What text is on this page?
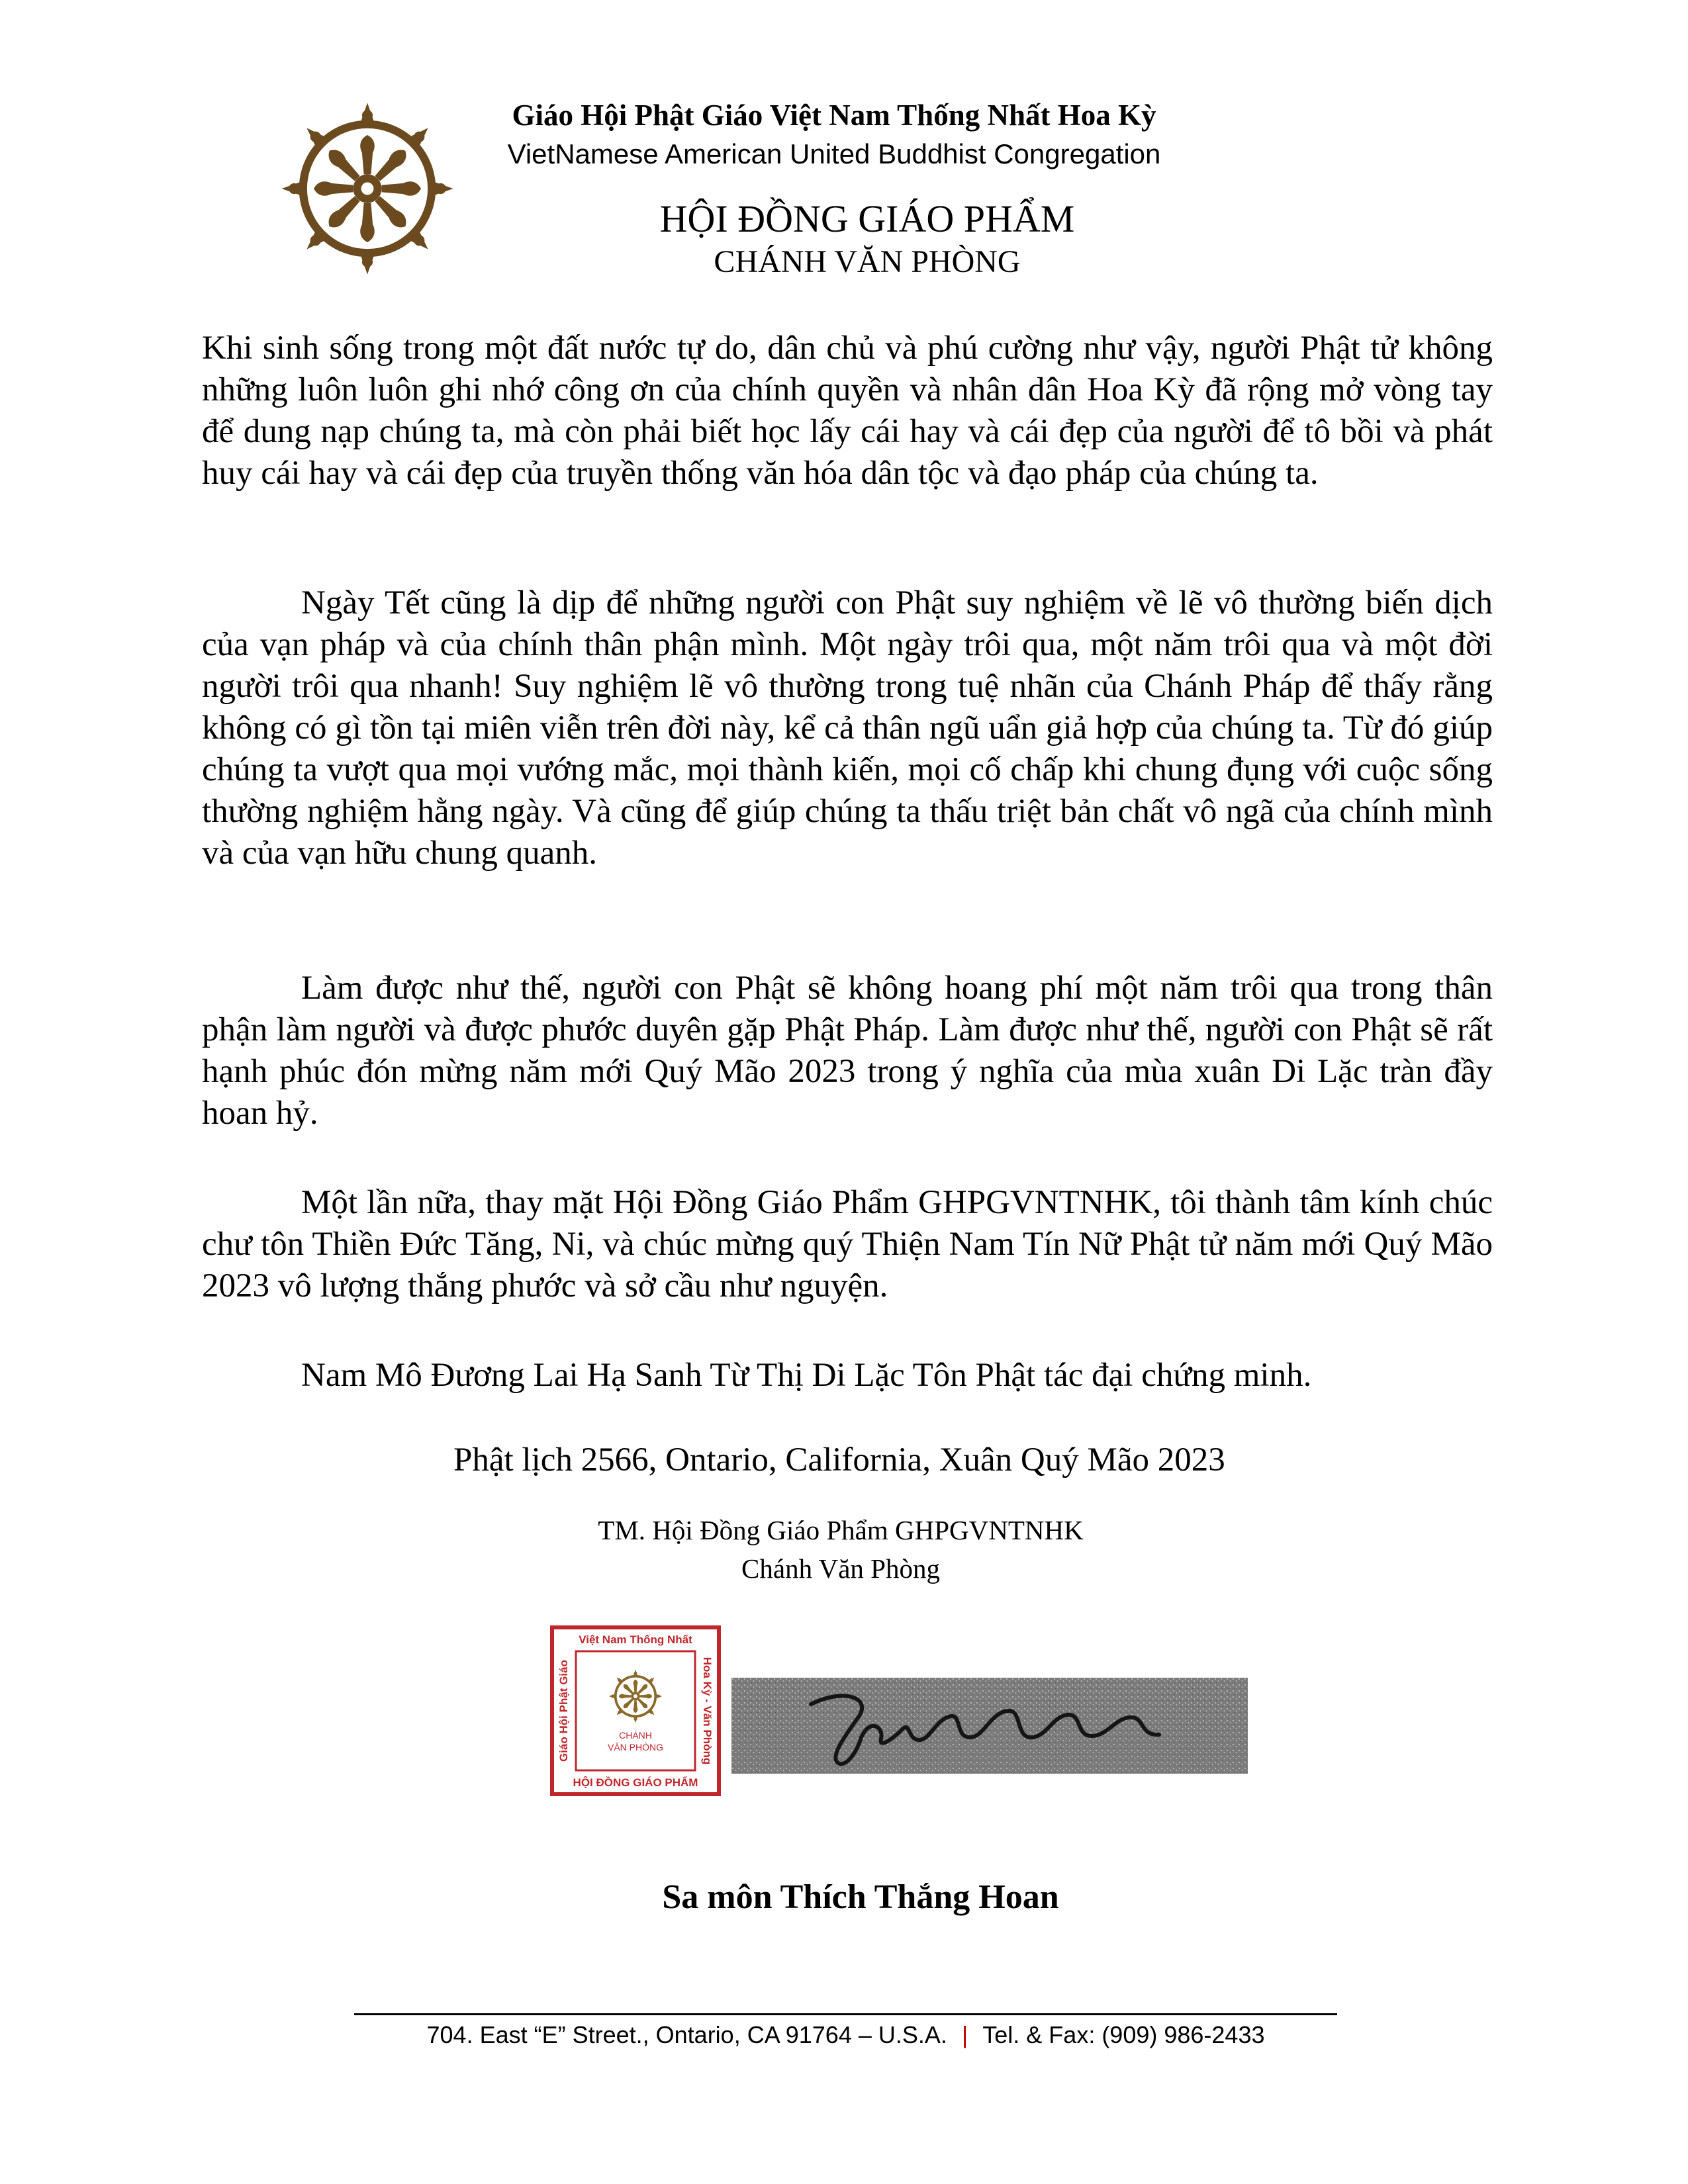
Giáo Hội Phật Giáo Việt Nam Thống Nhất Hoa Kỳ
VietNamese American United Buddhist Congregation
HỘI ĐỒNG GIÁO PHẨM
CHÁNH VĂN PHÒNG

Khi sinh sống trong một đất nước tự do, dân chủ và phú cường như vậy, người Phật tử không những luôn luôn ghi nhớ công ơn của chính quyền và nhân dân Hoa Kỳ đã rộng mở vòng tay để dung nạp chúng ta, mà còn phải biết học lấy cái hay và cái đẹp của người để tô bồi và phát huy cái hay và cái đẹp của truyền thống văn hóa dân tộc và đạo pháp của chúng ta.

Ngày Tết cũng là dịp để những người con Phật suy nghiệm về lẽ vô thường biến dịch của vạn pháp và của chính thân phận mình. Một ngày trôi qua, một năm trôi qua và một đời người trôi qua nhanh! Suy nghiệm lẽ vô thường trong tuệ nhãn của Chánh Pháp để thấy rằng không có gì tồn tại miên viễn trên đời này, kể cả thân ngũ uẩn giả hợp của chúng ta. Từ đó giúp chúng ta vượt qua mọi vướng mắc, mọi thành kiến, mọi cố chấp khi chung đụng với cuộc sống thường nghiệm hằng ngày. Và cũng để giúp chúng ta thấu triệt bản chất vô ngã của chính mình và của vạn hữu chung quanh.

Làm được như thế, người con Phật sẽ không hoang phí một năm trôi qua trong thân phận làm người và được phước duyên gặp Phật Pháp. Làm được như thế, người con Phật sẽ rất hạnh phúc đón mừng năm mới Quý Mão 2023 trong ý nghĩa của mùa xuân Di Lặc tràn đầy hoan hỷ.

Một lần nữa, thay mặt Hội Đồng Giáo Phẩm GHPGVNTNHK, tôi thành tâm kính chúc chư tôn Thiền Đức Tăng, Ni, và chúc mừng quý Thiện Nam Tín Nữ Phật tử năm mới Quý Mão 2023 vô lượng thắng phước và sở cầu như nguyện.

Nam Mô Đương Lai Hạ Sanh Từ Thị Di Lặc Tôn Phật tác đại chứng minh.

Phật lịch 2566, Ontario, California, Xuân Quý Mão 2023
TM. Hội Đồng Giáo Phẩm GHPGVNTNHK
Chánh Văn Phòng
Việt Nam Thống Nhất
HỘI ĐỒNG GIÁO PHẨM
Giáo Hội Phật Giáo	Hoa Kỳ - Văn Phòng
CHÁNH
VĂN PHÒNG
Sa môn Thích Thắng Hoan
704. East “E” Street., Ontario, CA 91764 – U.S.A. | Tel. & Fax: (909) 986-2433
